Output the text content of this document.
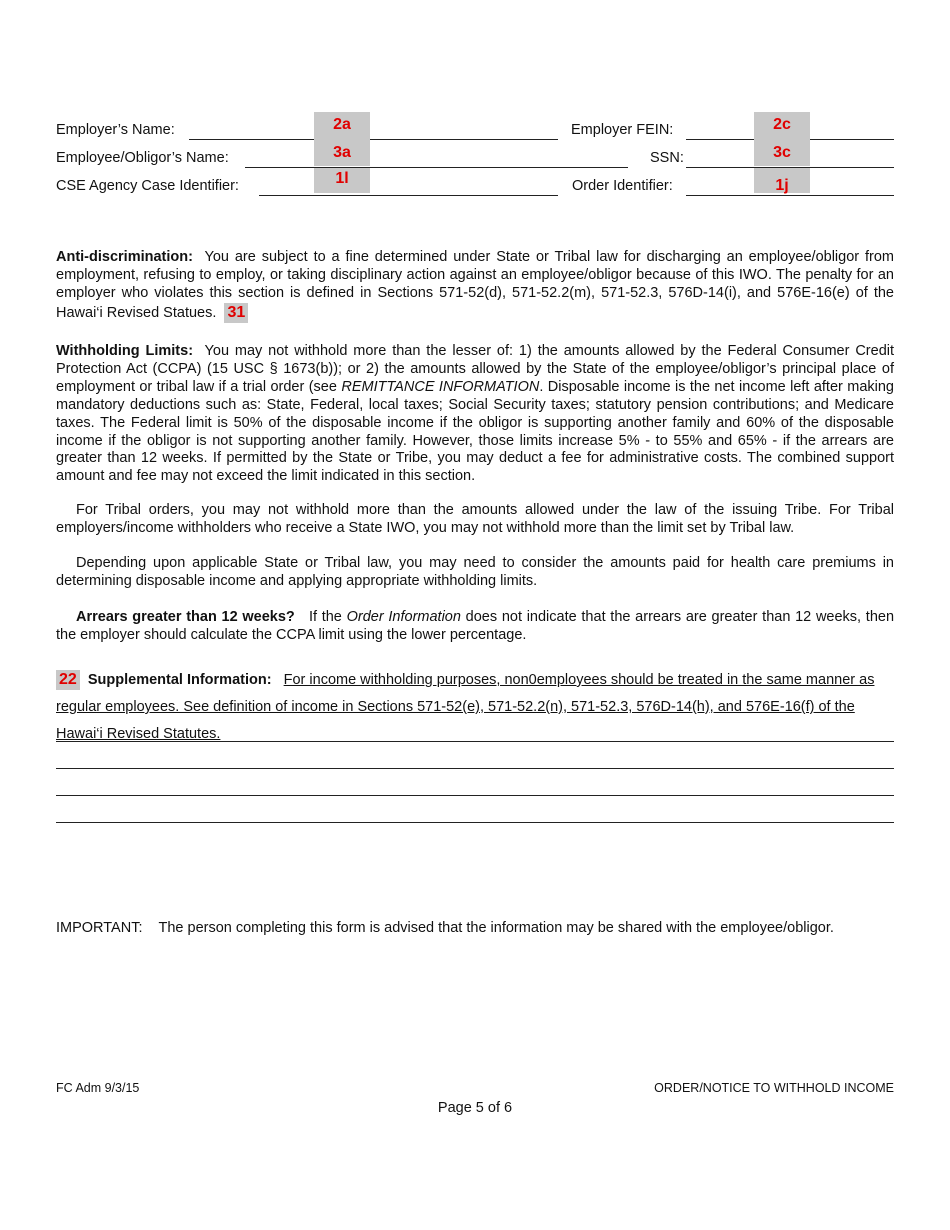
Employer’s Name:	Employer FEIN:
2a	2c
Employee/Obligor’s Name:	SSN:
3a	3c
CSE Agency Case Identifier:	Order Identifier:
1l	1j

Anti-discrimination: You are subject to a fine determined under State or Tribal law for discharging an employee/obligor from employment, refusing to employ, or taking disciplinary action against an employee/obligor because of this IWO. The penalty for an employer who violates this section is defined in Sections 571-52(d), 571-52.2(m), 571-52.3, 576D-14(i), and 576E-16(e) of the Hawai‘i Revised Statues. 31

Withholding Limits: You may not withhold more than the lesser of: 1) the amounts allowed by the Federal Consumer Credit Protection Act (CCPA) (15 USC § 1673(b)); or 2) the amounts allowed by the State of the employee/obligor’s principal place of employment or tribal law if a trial order (see REMITTANCE INFORMATION. Disposable income is the net income left after making mandatory deductions such as: State, Federal, local taxes; Social Security taxes; statutory pension contributions; and Medicare taxes. The Federal limit is 50% of the disposable income if the obligor is supporting another family and 60% of the disposable income if the obligor is not supporting another family. However, those limits increase 5% - to 55% and 65% - if the arrears are greater than 12 weeks. If permitted by the State or Tribe, you may deduct a fee for administrative costs. The combined support amount and fee may not exceed the limit indicated in this section.

For Tribal orders, you may not withhold more than the amounts allowed under the law of the issuing Tribe. For Tribal employers/income withholders who receive a State IWO, you may not withhold more than the limit set by Tribal law.

Depending upon applicable State or Tribal law, you may need to consider the amounts paid for health care premiums in determining disposable income and applying appropriate withholding limits.

Arrears greater than 12 weeks? If the Order Information does not indicate that the arrears are greater than 12 weeks, then the employer should calculate the CCPA limit using the lower percentage.

22 Supplemental Information: For income withholding purposes, non0employees should be treated in the same manner as regular employees. See definition of income in Sections 571-52(e), 571-52.2(n), 571-52.3, 576D-14(h), and 576E-16(f) of the Hawai‘i Revised Statutes.
IMPORTANT: The person completing this form is advised that the information may be shared with the employee/obligor.
FC Adm 9/3/15	ORDER/NOTICE TO WITHHOLD INCOME
Page 5 of 6
